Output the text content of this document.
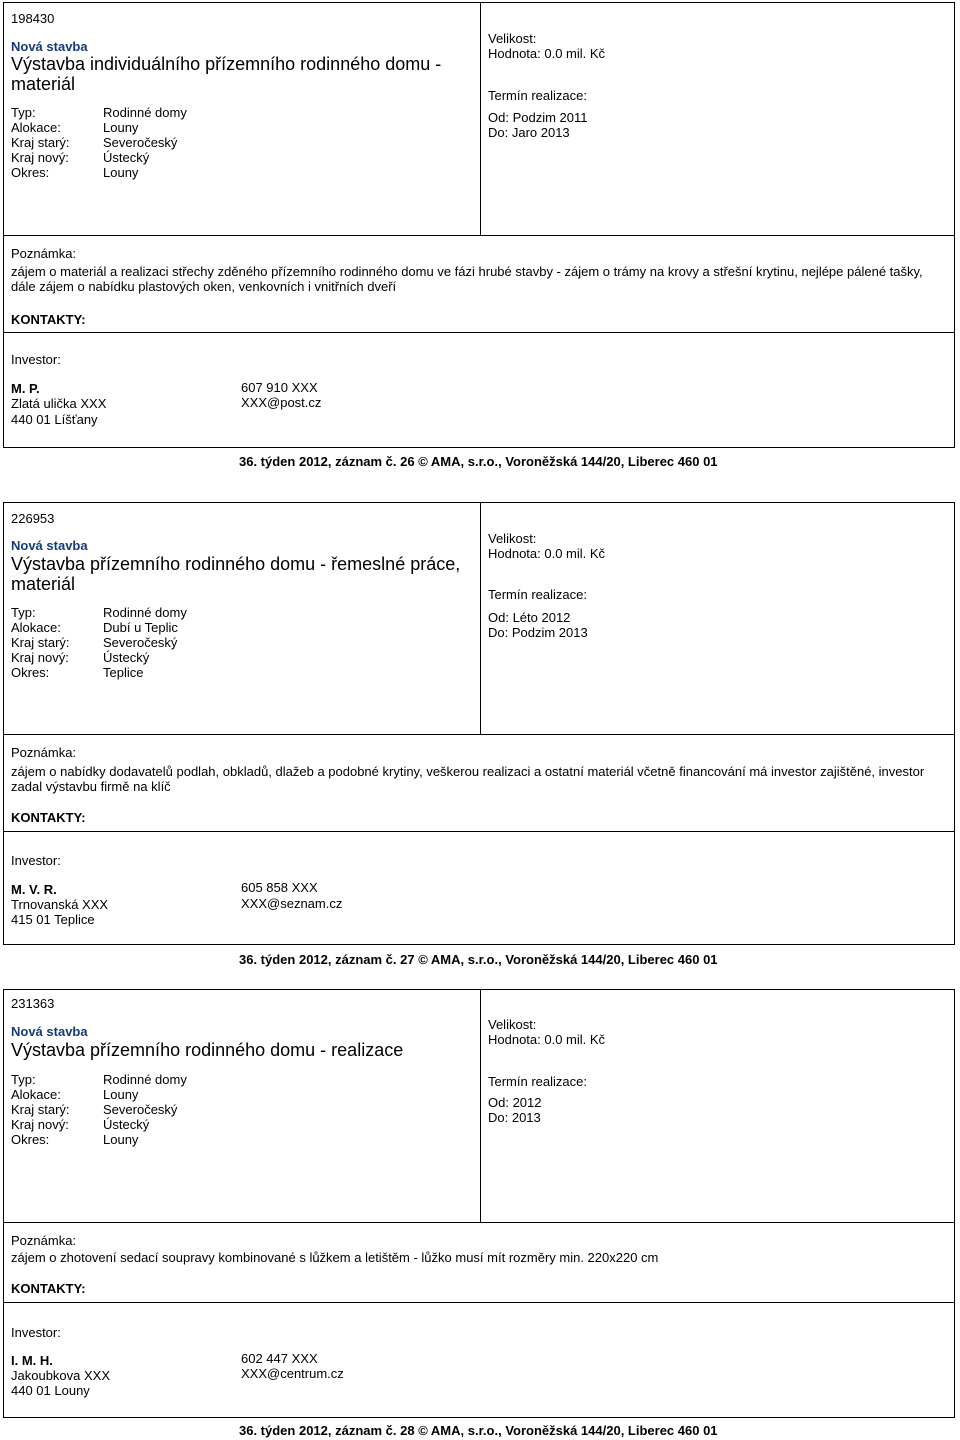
198430
Nová stavba
Výstavba individuálního přízemního rodinného domu - materiál
Typ:	Rodinné domy
Alokace:	Louny
Kraj starý:	Severočeský
Kraj nový:	Ústecký
Okres:	Louny
Velikost:
Hodnota: 0.0 mil. Kč
Termín realizace:
Od: Podzim 2011
Do: Jaro 2013
Poznámka:
zájem o materiál a realizaci střechy zděného přízemního rodinného domu ve fázi hrubé stavby - zájem o trámy na krovy a střešní krytinu, nejlépe pálené tašky, dále zájem o nabídku plastových oken, venkovních i vnitřních dveří
KONTAKTY:
Investor:
M. P.
Zlatá ulička XXX
440 01 Líšťany
607 910 XXX
XXX@post.cz
36. týden 2012, záznam č. 26 © AMA, s.r.o., Voroněžská 144/20, Liberec 460 01
226953
Nová stavba
Výstavba přízemního rodinného domu - řemeslné práce, materiál
Typ:	Rodinné domy
Alokace:	Dubí u Teplic
Kraj starý:	Severočeský
Kraj nový:	Ústecký
Okres:	Teplice
Velikost:
Hodnota: 0.0 mil. Kč
Termín realizace:
Od: Léto 2012
Do: Podzim 2013
Poznámka:
zájem o nabídky dodavatelů podlah, obkladů, dlažeb a podobné krytiny, veškerou realizaci a ostatní materiál včetně financování má investor zajištěné, investor zadal výstavbu firmě na klíč
KONTAKTY:
Investor:
M. V. R.
Trnovanská XXX
415 01 Teplice
605 858 XXX
XXX@seznam.cz
36. týden 2012, záznam č. 27 © AMA, s.r.o., Voroněžská 144/20, Liberec 460 01
231363
Nová stavba
Výstavba přízemního rodinného domu - realizace
Typ:	Rodinné domy
Alokace:	Louny
Kraj starý:	Severočeský
Kraj nový:	Ústecký
Okres:	Louny
Velikost:
Hodnota: 0.0 mil. Kč
Termín realizace:
Od: 2012
Do: 2013
Poznámka:
zájem o zhotovení sedací soupravy kombinované s lůžkem a letištěm - lůžko musí mít rozměry min. 220x220 cm
KONTAKTY:
Investor:
I. M. H.
Jakoubkova XXX
440 01 Louny
602 447 XXX
XXX@centrum.cz
36. týden 2012, záznam č. 28 © AMA, s.r.o., Voroněžská 144/20, Liberec 460 01
